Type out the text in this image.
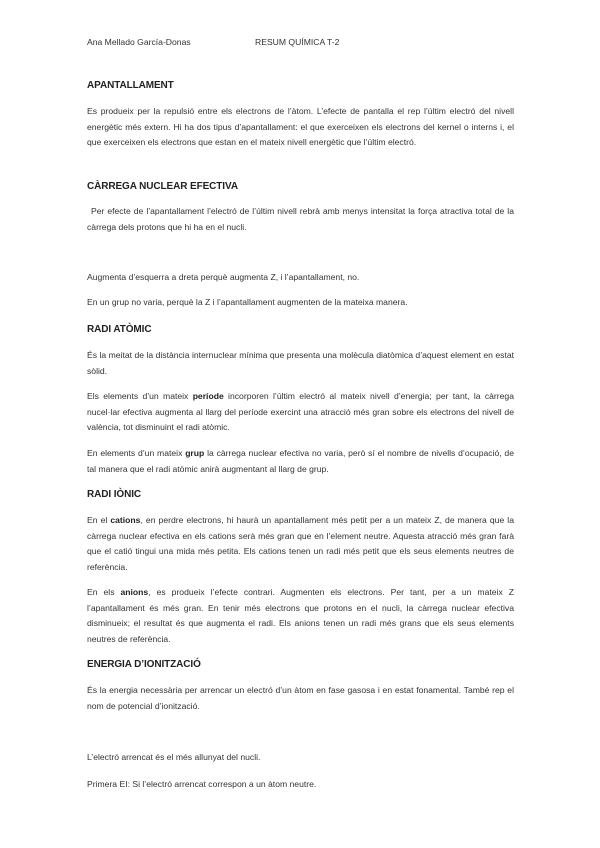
Ana Mellado García-Donas	RESUM QUÍMICA T-2
APANTALLAMENT

Es produeix per la repulsió entre els electrons de l’àtom. L’efecte de pantalla el rep l’últim electró del nivell energètic més extern. Hi ha dos tipus d’apantallament: el que exerceixen els electrons del kernel o interns i, el que exerceixen els electrons que estan en el mateix nivell energètic que l’últim electró.

CÀRREGA NUCLEAR EFECTIVA

Per efecte de l’apantallament l’electró de l’últim nivell rebrà amb menys intensitat la força atractiva total de la càrrega dels protons que hi ha en el nucli.

Augmenta d’esquerra a dreta perquè augmenta Z, i l’apantallament, no.

En un grup no varia, perquè la Z i l’apantallament augmenten de la mateixa manera.

RADI ATÒMIC

És la meitat de la distància internuclear mínima que presenta una molècula diatòmica d’aquest element en estat sòlid.

Els elements d’un mateix període incorporen l’últim electró al mateix nivell d’energia; per tant, la càrrega nucel·lar efectiva augmenta al llarg del període exercint una atracció més gran sobre els electrons del nivell de valència, tot disminuint el radi atòmic.

En elements d’un mateix grup la càrrega nuclear efectiva no varia, però sí el nombre de nivells d’ocupació, de tal manera que el radi atòmic anirà augmentant al llarg de grup.

RADI IÒNIC

En el cations, en perdre electrons, hi haurà un apantallament més petit per a un mateix Z, de manera que la càrrega nuclear efectiva en els cations serà més gran que en l’element neutre. Aquesta atracció més gran farà que el catió tingui una mida més petita. Els cations tenen un radi més petit que els seus elements neutres de referència.

En els anions, es produeix l’efecte contrari. Augmenten els electrons. Per tant, per a un mateix Z l’apantallament és més gran. En tenir més electrons que protons en el nucli, la càrrega nuclear efectiva disminueix; el resultat és que augmenta el radi. Els anions tenen un radi més grans que els seus elements neutres de referència.

ENERGIA D’IONITZACIÓ

És la energia necessària per arrencar un electró d’un àtom en fase gasosa i en estat fonamental. També rep el nom de potencial d’ionització.

L’electró arrencat és el més allunyat del nucli.

Primera EI: Si l’electró arrencat correspon a un àtom neutre.
